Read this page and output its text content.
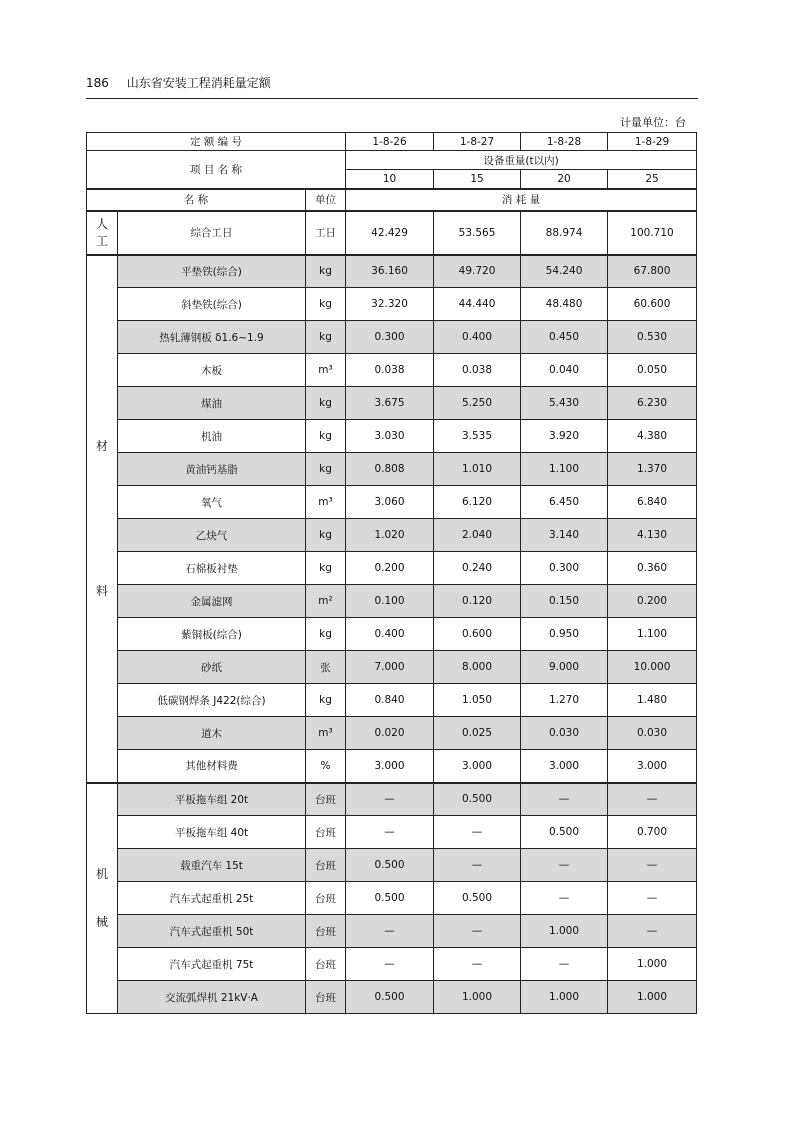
186 山东省安装工程消耗量定额
计量单位：台
定 额 编 号			1-8-26	1-8-27	1-8-28	1-8-29
项 目 名 称			设备重量(t以内)			
			10	15	20	25
名 称		单位	消 耗 量			
人
工	综合工日	工日	42.429	53.565	88.974	100.710
材

料	平垫铁(综合)	kg	36.160	49.720	54.240	67.800
	斜垫铁(综合)	kg	32.320	44.440	48.480	60.600
	热轧薄钢板 δ1.6~1.9	kg	0.300	0.400	0.450	0.530
	木板	m³	0.038	0.038	0.040	0.050
	煤油	kg	3.675	5.250	5.430	6.230
	机油	kg	3.030	3.535	3.920	4.380
	黄油钙基脂	kg	0.808	1.010	1.100	1.370
	氧气	m³	3.060	6.120	6.450	6.840
	乙炔气	kg	1.020	2.040	3.140	4.130
	石棉板衬垫	kg	0.200	0.240	0.300	0.360
	金属滤网	m²	0.100	0.120	0.150	0.200
	紫铜板(综合)	kg	0.400	0.600	0.950	1.100
	砂纸	张	7.000	8.000	9.000	10.000
	低碳钢焊条 J422(综合)	kg	0.840	1.050	1.270	1.480
	道木	m³	0.020	0.025	0.030	0.030
	其他材料费	%	3.000	3.000	3.000	3.000
机

械	平板拖车组 20t	台班	—	0.500	—	—
	平板拖车组 40t	台班	—	—	0.500	0.700
	载重汽车 15t	台班	0.500	—	—	—
	汽车式起重机 25t	台班	0.500	0.500	—	—
	汽车式起重机 50t	台班	—	—	1.000	—
	汽车式起重机 75t	台班	—	—	—	1.000
	交流弧焊机 21kV·A	台班	0.500	1.000	1.000	1.000
